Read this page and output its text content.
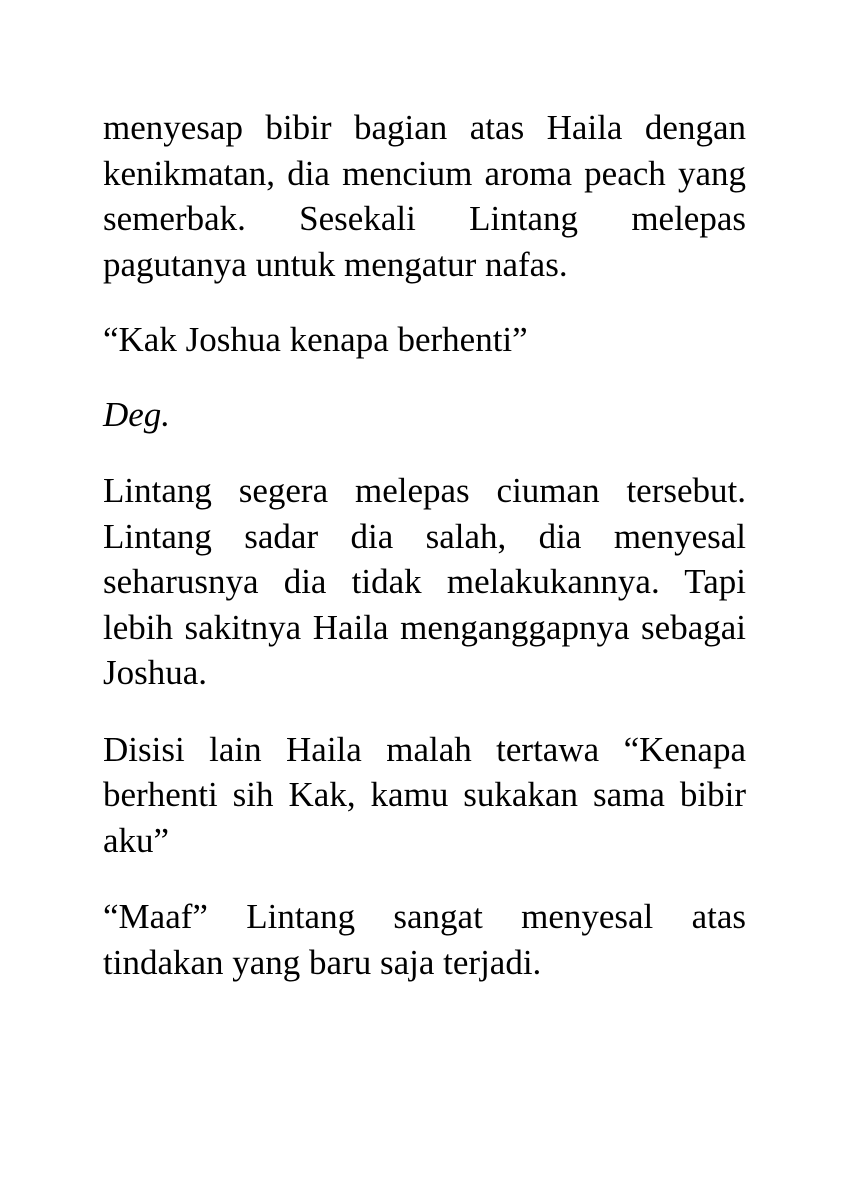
menyesap bibir bagian atas Haila dengan kenikmatan, dia mencium aroma peach yang semerbak. Sesekali Lintang melepas pagutanya untuk mengatur nafas.

“Kak Joshua kenapa berhenti”

Deg.

Lintang segera melepas ciuman tersebut. Lintang sadar dia salah, dia menyesal seharusnya dia tidak melakukannya. Tapi lebih sakitnya Haila menganggapnya sebagai Joshua.

Disisi lain Haila malah tertawa “Kenapa berhenti sih Kak, kamu sukakan sama bibir aku”

“Maaf” Lintang sangat menyesal atas tindakan yang baru saja terjadi.
